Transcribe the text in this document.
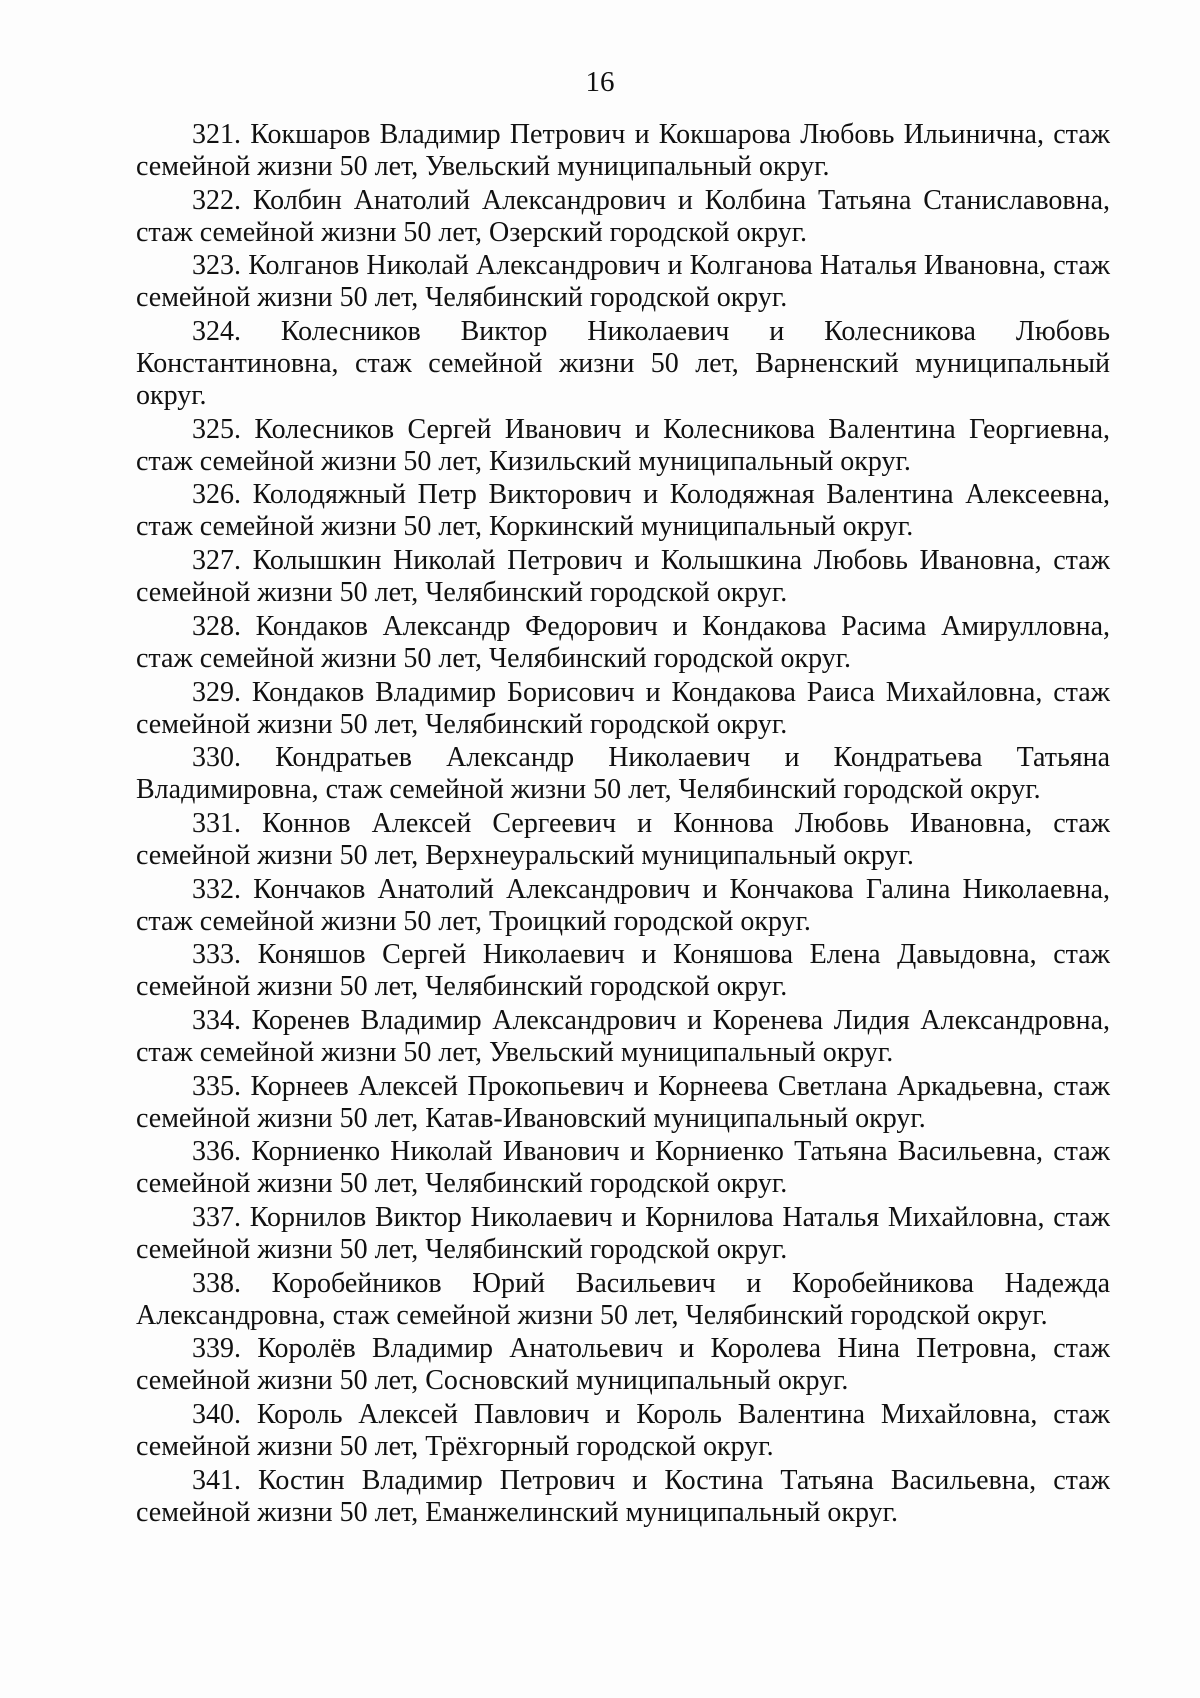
16
321. Кокшаров Владимир Петрович и Кокшарова Любовь Ильинична, стаж семейной жизни 50 лет, Увельский муниципальный округ.
322. Колбин Анатолий Александрович и Колбина Татьяна Станиславовна, стаж семейной жизни 50 лет, Озерский городской округ.
323. Колганов Николай Александрович и Колганова Наталья Ивановна, стаж семейной жизни 50 лет, Челябинский городской округ.
324. Колесников Виктор Николаевич и Колесникова Любовь Константиновна, стаж семейной жизни 50 лет, Варненский муниципальный округ.
325. Колесников Сергей Иванович и Колесникова Валентина Георгиевна, стаж семейной жизни 50 лет, Кизильский муниципальный округ.
326. Колодяжный Петр Викторович и Колодяжная Валентина Алексеевна, стаж семейной жизни 50 лет, Коркинский муниципальный округ.
327. Колышкин Николай Петрович и Колышкина Любовь Ивановна, стаж семейной жизни 50 лет, Челябинский городской округ.
328. Кондаков Александр Федорович и Кондакова Расима Амирулловна, стаж семейной жизни 50 лет, Челябинский городской округ.
329. Кондаков Владимир Борисович и Кондакова Раиса Михайловна, стаж семейной жизни 50 лет, Челябинский городской округ.
330. Кондратьев Александр Николаевич и Кондратьева Татьяна Владимировна, стаж семейной жизни 50 лет, Челябинский городской округ.
331. Коннов Алексей Сергеевич и Коннова Любовь Ивановна, стаж семейной жизни 50 лет, Верхнеуральский муниципальный округ.
332. Кончаков Анатолий Александрович и Кончакова Галина Николаевна, стаж семейной жизни 50 лет, Троицкий городской округ.
333. Коняшов Сергей Николаевич и Коняшова Елена Давыдовна, стаж семейной жизни 50 лет, Челябинский городской округ.
334. Коренев Владимир Александрович и Коренева Лидия Александровна, стаж семейной жизни 50 лет, Увельский муниципальный округ.
335. Корнеев Алексей Прокопьевич и Корнеева Светлана Аркадьевна, стаж семейной жизни 50 лет, Катав-Ивановский муниципальный округ.
336. Корниенко Николай Иванович и Корниенко Татьяна Васильевна, стаж семейной жизни 50 лет, Челябинский городской округ.
337. Корнилов Виктор Николаевич и Корнилова Наталья Михайловна, стаж семейной жизни 50 лет, Челябинский городской округ.
338. Коробейников Юрий Васильевич и Коробейникова Надежда Александровна, стаж семейной жизни 50 лет, Челябинский городской округ.
339. Королёв Владимир Анатольевич и Королева Нина Петровна, стаж семейной жизни 50 лет, Сосновский муниципальный округ.
340. Король Алексей Павлович и Король Валентина Михайловна, стаж семейной жизни 50 лет, Трёхгорный городской округ.
341. Костин Владимир Петрович и Костина Татьяна Васильевна, стаж семейной жизни 50 лет, Еманжелинский муниципальный округ.
